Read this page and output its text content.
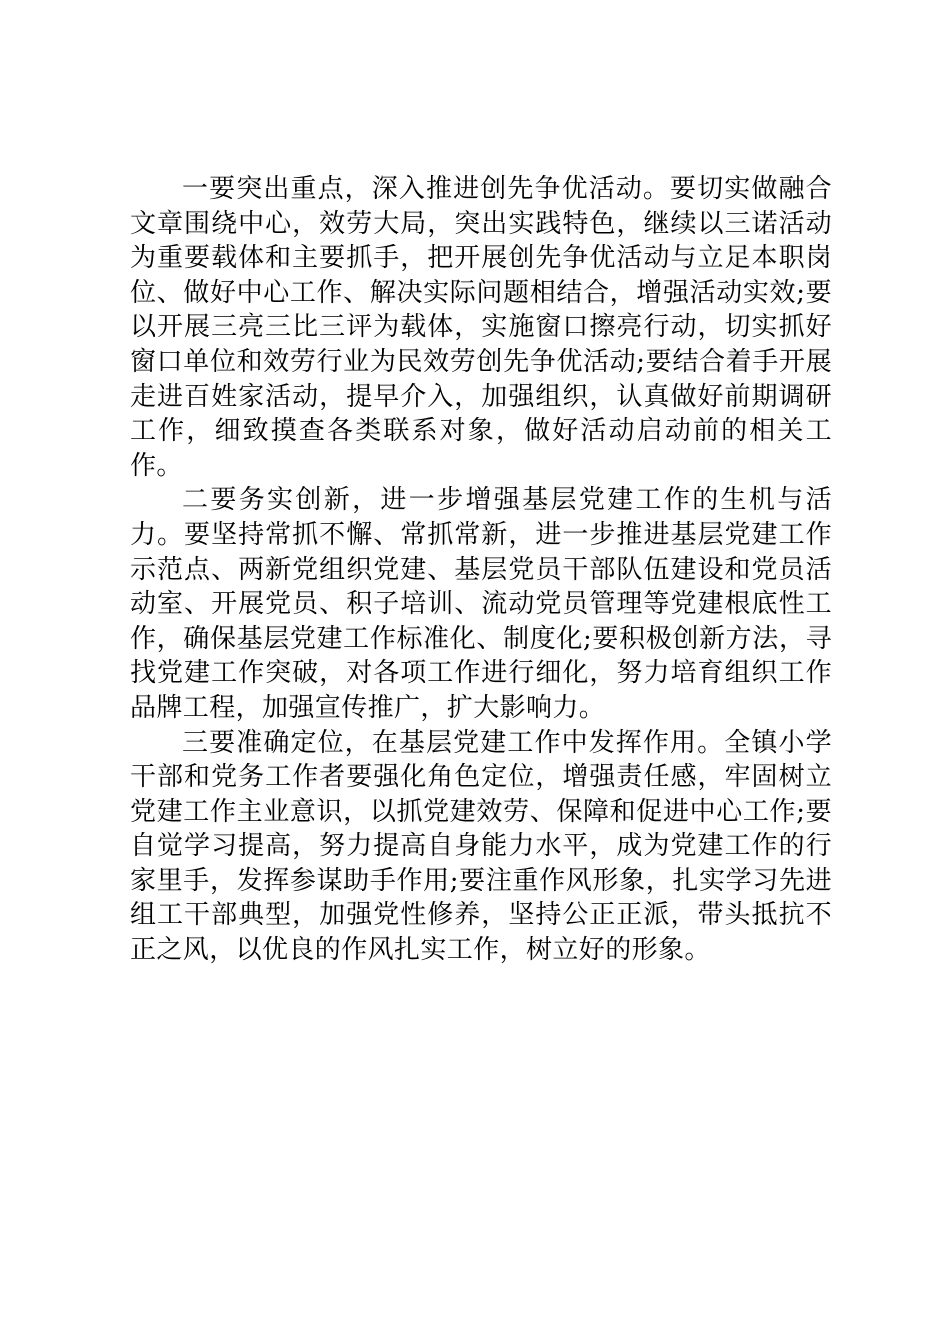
一要突出重点，深入推进创先争优活动。要切实做融合文章围绕中心，效劳大局，突出实践特色，继续以三诺活动为重要载体和主要抓手，把开展创先争优活动与立足本职岗位、做好中心工作、解决实际问题相结合，增强活动实效;要以开展三亮三比三评为载体，实施窗口擦亮行动，切实抓好窗口单位和效劳行业为民效劳创先争优活动;要结合着手开展走进百姓家活动，提早介入，加强组织，认真做好前期调研工作，细致摸查各类联系对象，做好活动启动前的相关工作。

二要务实创新，进一步增强基层党建工作的生机与活力。要坚持常抓不懈、常抓常新，进一步推进基层党建工作示范点、两新党组织党建、基层党员干部队伍建设和党员活动室、开展党员、积子培训、流动党员管理等党建根底性工作，确保基层党建工作标准化、制度化;要积极创新方法，寻找党建工作突破，对各项工作进行细化，努力培育组织工作品牌工程，加强宣传推广，扩大影响力。

三要准确定位，在基层党建工作中发挥作用。全镇小学干部和党务工作者要强化角色定位，增强责任感，牢固树立党建工作主业意识，以抓党建效劳、保障和促进中心工作;要自觉学习提高，努力提高自身能力水平，成为党建工作的行家里手，发挥参谋助手作用;要注重作风形象，扎实学习先进组工干部典型，加强党性修养，坚持公正正派，带头抵抗不正之风，以优良的作风扎实工作，树立好的形象。
